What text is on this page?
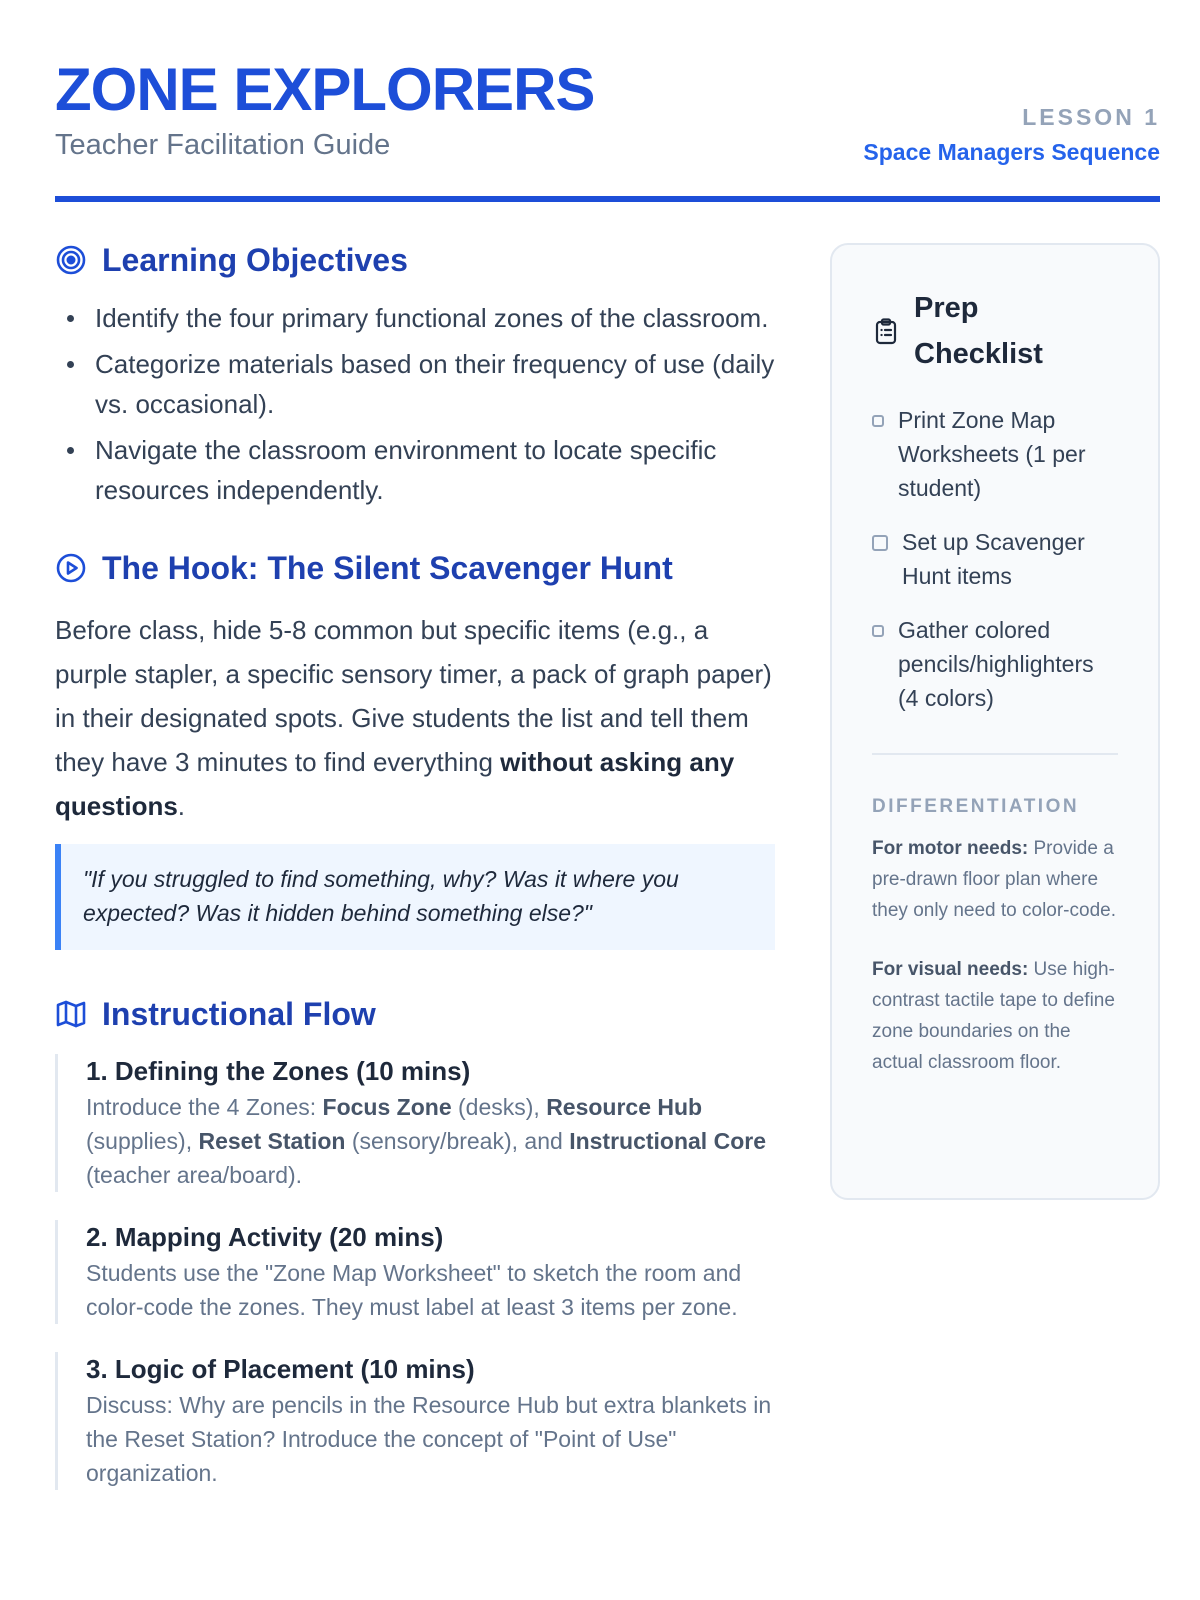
ZONE EXPLORERS
Teacher Facilitation Guide
LESSON 1
Space Managers Sequence
Learning Objectives
Identify the four primary functional zones of the classroom.
Categorize materials based on their frequency of use (daily vs. occasional).
Navigate the classroom environment to locate specific resources independently.
The Hook: The Silent Scavenger Hunt

Before class, hide 5-8 common but specific items (e.g., a purple stapler, a specific sensory timer, a pack of graph paper) in their designated spots. Give students the list and tell them they have 3 minutes to find everything without asking any questions.

"If you struggled to find something, why? Was it where you expected? Was it hidden behind something else?"
Instructional Flow
1. Defining the Zones (10 mins)
Introduce the 4 Zones: Focus Zone (desks), Resource Hub (supplies), Reset Station (sensory/break), and Instructional Core (teacher area/board).
2. Mapping Activity (20 mins)
Students use the "Zone Map Worksheet" to sketch the room and color-code the zones. They must label at least 3 items per zone.
3. Logic of Placement (10 mins)
Discuss: Why are pencils in the Resource Hub but extra blankets in the Reset Station? Introduce the concept of "Point of Use" organization.
Prep Checklist
Print Zone Map Worksheets (1 per student)
Set up Scavenger Hunt items
Gather colored pencils/highlighters (4 colors)
DIFFERENTIATION

For motor needs: Provide a pre-drawn floor plan where they only need to color-code.

For visual needs: Use high-contrast tactile tape to define zone boundaries on the actual classroom floor.
